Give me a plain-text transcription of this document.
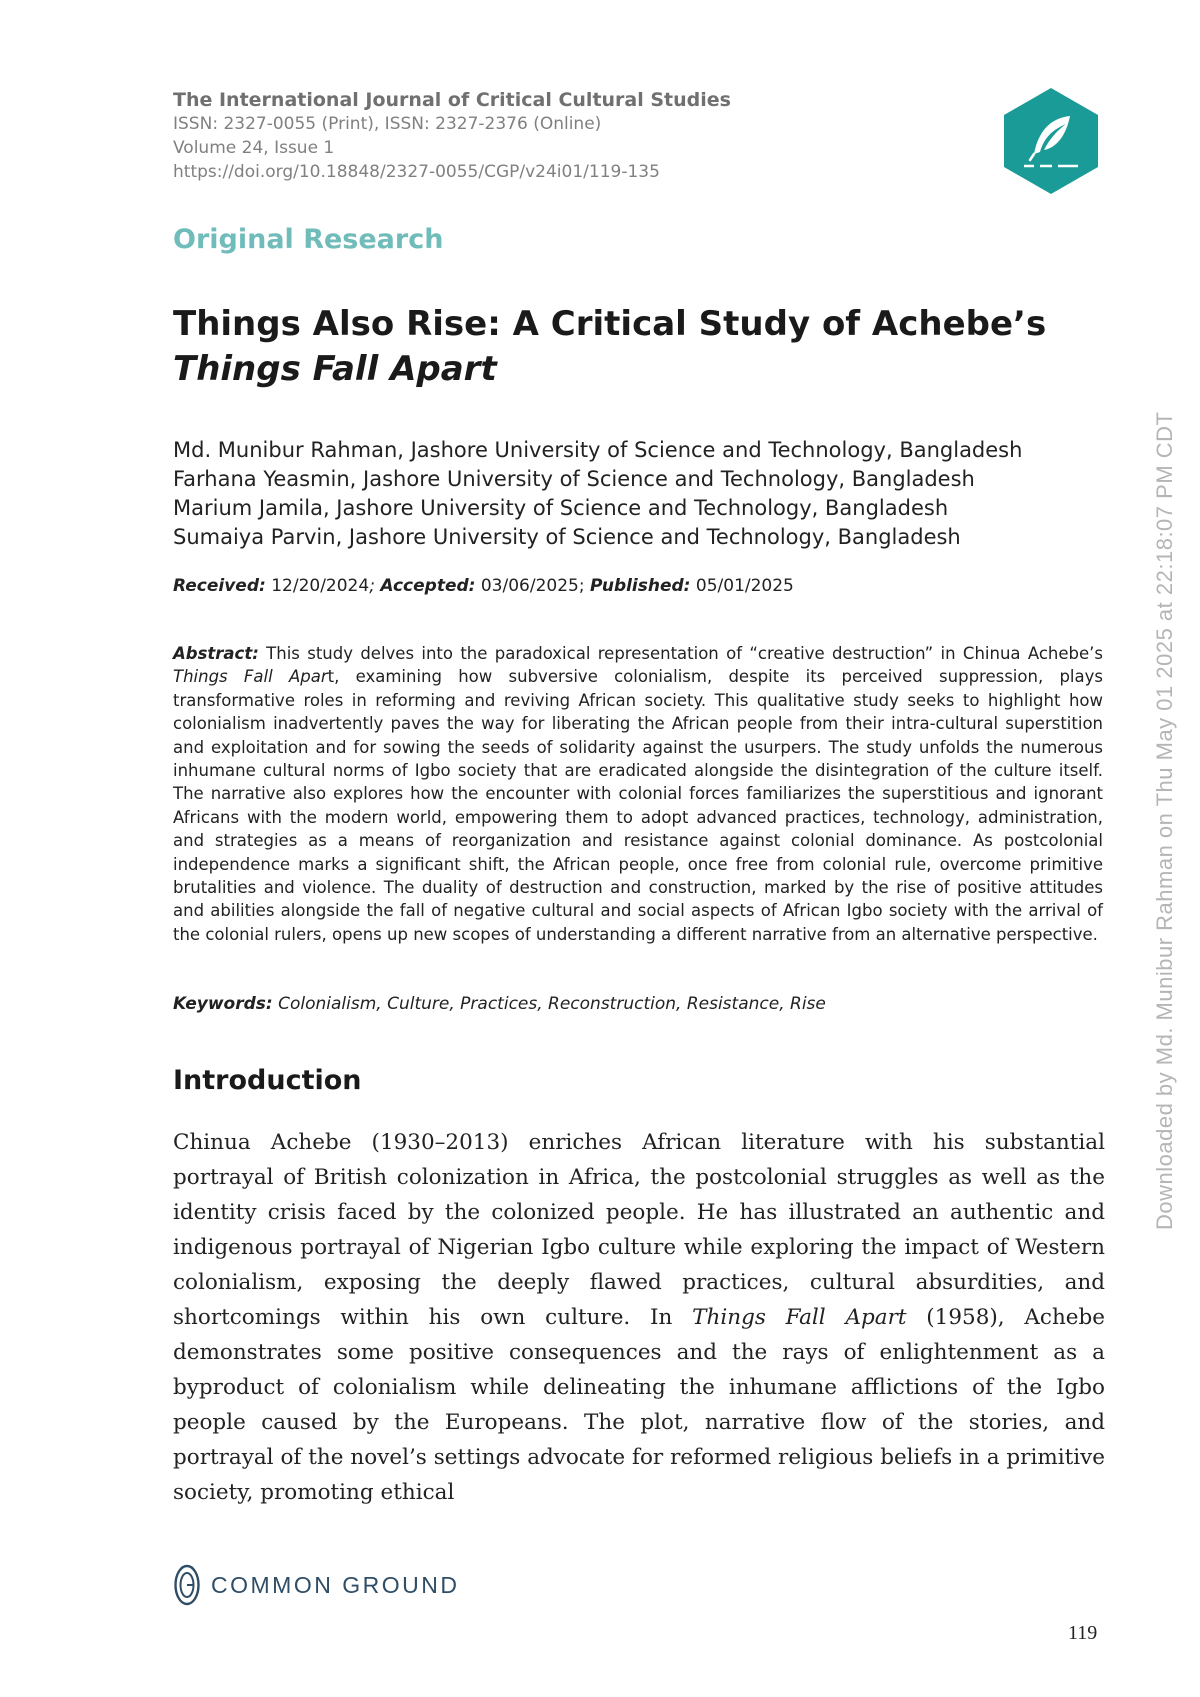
The International Journal of Critical Cultural Studies
ISSN: 2327-0055 (Print), ISSN: 2327-2376 (Online)
Volume 24, Issue 1
https://doi.org/10.18848/2327-0055/CGP/v24i01/119-135
Original Research
Things Also Rise: A Critical Study of Achebe’s Things Fall Apart
Md. Munibur Rahman, Jashore University of Science and Technology, Bangladesh
Farhana Yeasmin, Jashore University of Science and Technology, Bangladesh
Marium Jamila, Jashore University of Science and Technology, Bangladesh
Sumaiya Parvin, Jashore University of Science and Technology, Bangladesh
Received: 12/20/2024; Accepted: 03/06/2025; Published: 05/01/2025
Abstract: This study delves into the paradoxical representation of “creative destruction” in Chinua Achebe’s Things Fall Apart, examining how subversive colonialism, despite its perceived suppression, plays transformative roles in reforming and reviving African society. This qualitative study seeks to highlight how colonialism inadvertently paves the way for liberating the African people from their intra-cultural superstition and exploitation and for sowing the seeds of solidarity against the usurpers. The study unfolds the numerous inhumane cultural norms of Igbo society that are eradicated alongside the disintegration of the culture itself. The narrative also explores how the encounter with colonial forces familiarizes the superstitious and ignorant Africans with the modern world, empowering them to adopt advanced practices, technology, administration, and strategies as a means of reorganization and resistance against colonial dominance. As postcolonial independence marks a significant shift, the African people, once free from colonial rule, overcome primitive brutalities and violence. The duality of destruction and construction, marked by the rise of positive attitudes and abilities alongside the fall of negative cultural and social aspects of African Igbo society with the arrival of the colonial rulers, opens up new scopes of understanding a different narrative from an alternative perspective.
Keywords: Colonialism, Culture, Practices, Reconstruction, Resistance, Rise
Introduction
Chinua Achebe (1930–2013) enriches African literature with his substantial portrayal of British colonization in Africa, the postcolonial struggles as well as the identity crisis faced by the colonized people. He has illustrated an authentic and indigenous portrayal of Nigerian Igbo culture while exploring the impact of Western colonialism, exposing the deeply flawed practices, cultural absurdities, and shortcomings within his own culture. In Things Fall Apart (1958), Achebe demonstrates some positive consequences and the rays of enlightenment as a byproduct of colonialism while delineating the inhumane afflictions of the Igbo people caused by the Europeans. The plot, narrative flow of the stories, and portrayal of the novel’s settings advocate for reformed religious beliefs in a primitive society, promoting ethical
Downloaded by Md. Munibur Rahman on Thu May 01 2025 at 22:18:07 PM CDT
COMMON GROUND
119
